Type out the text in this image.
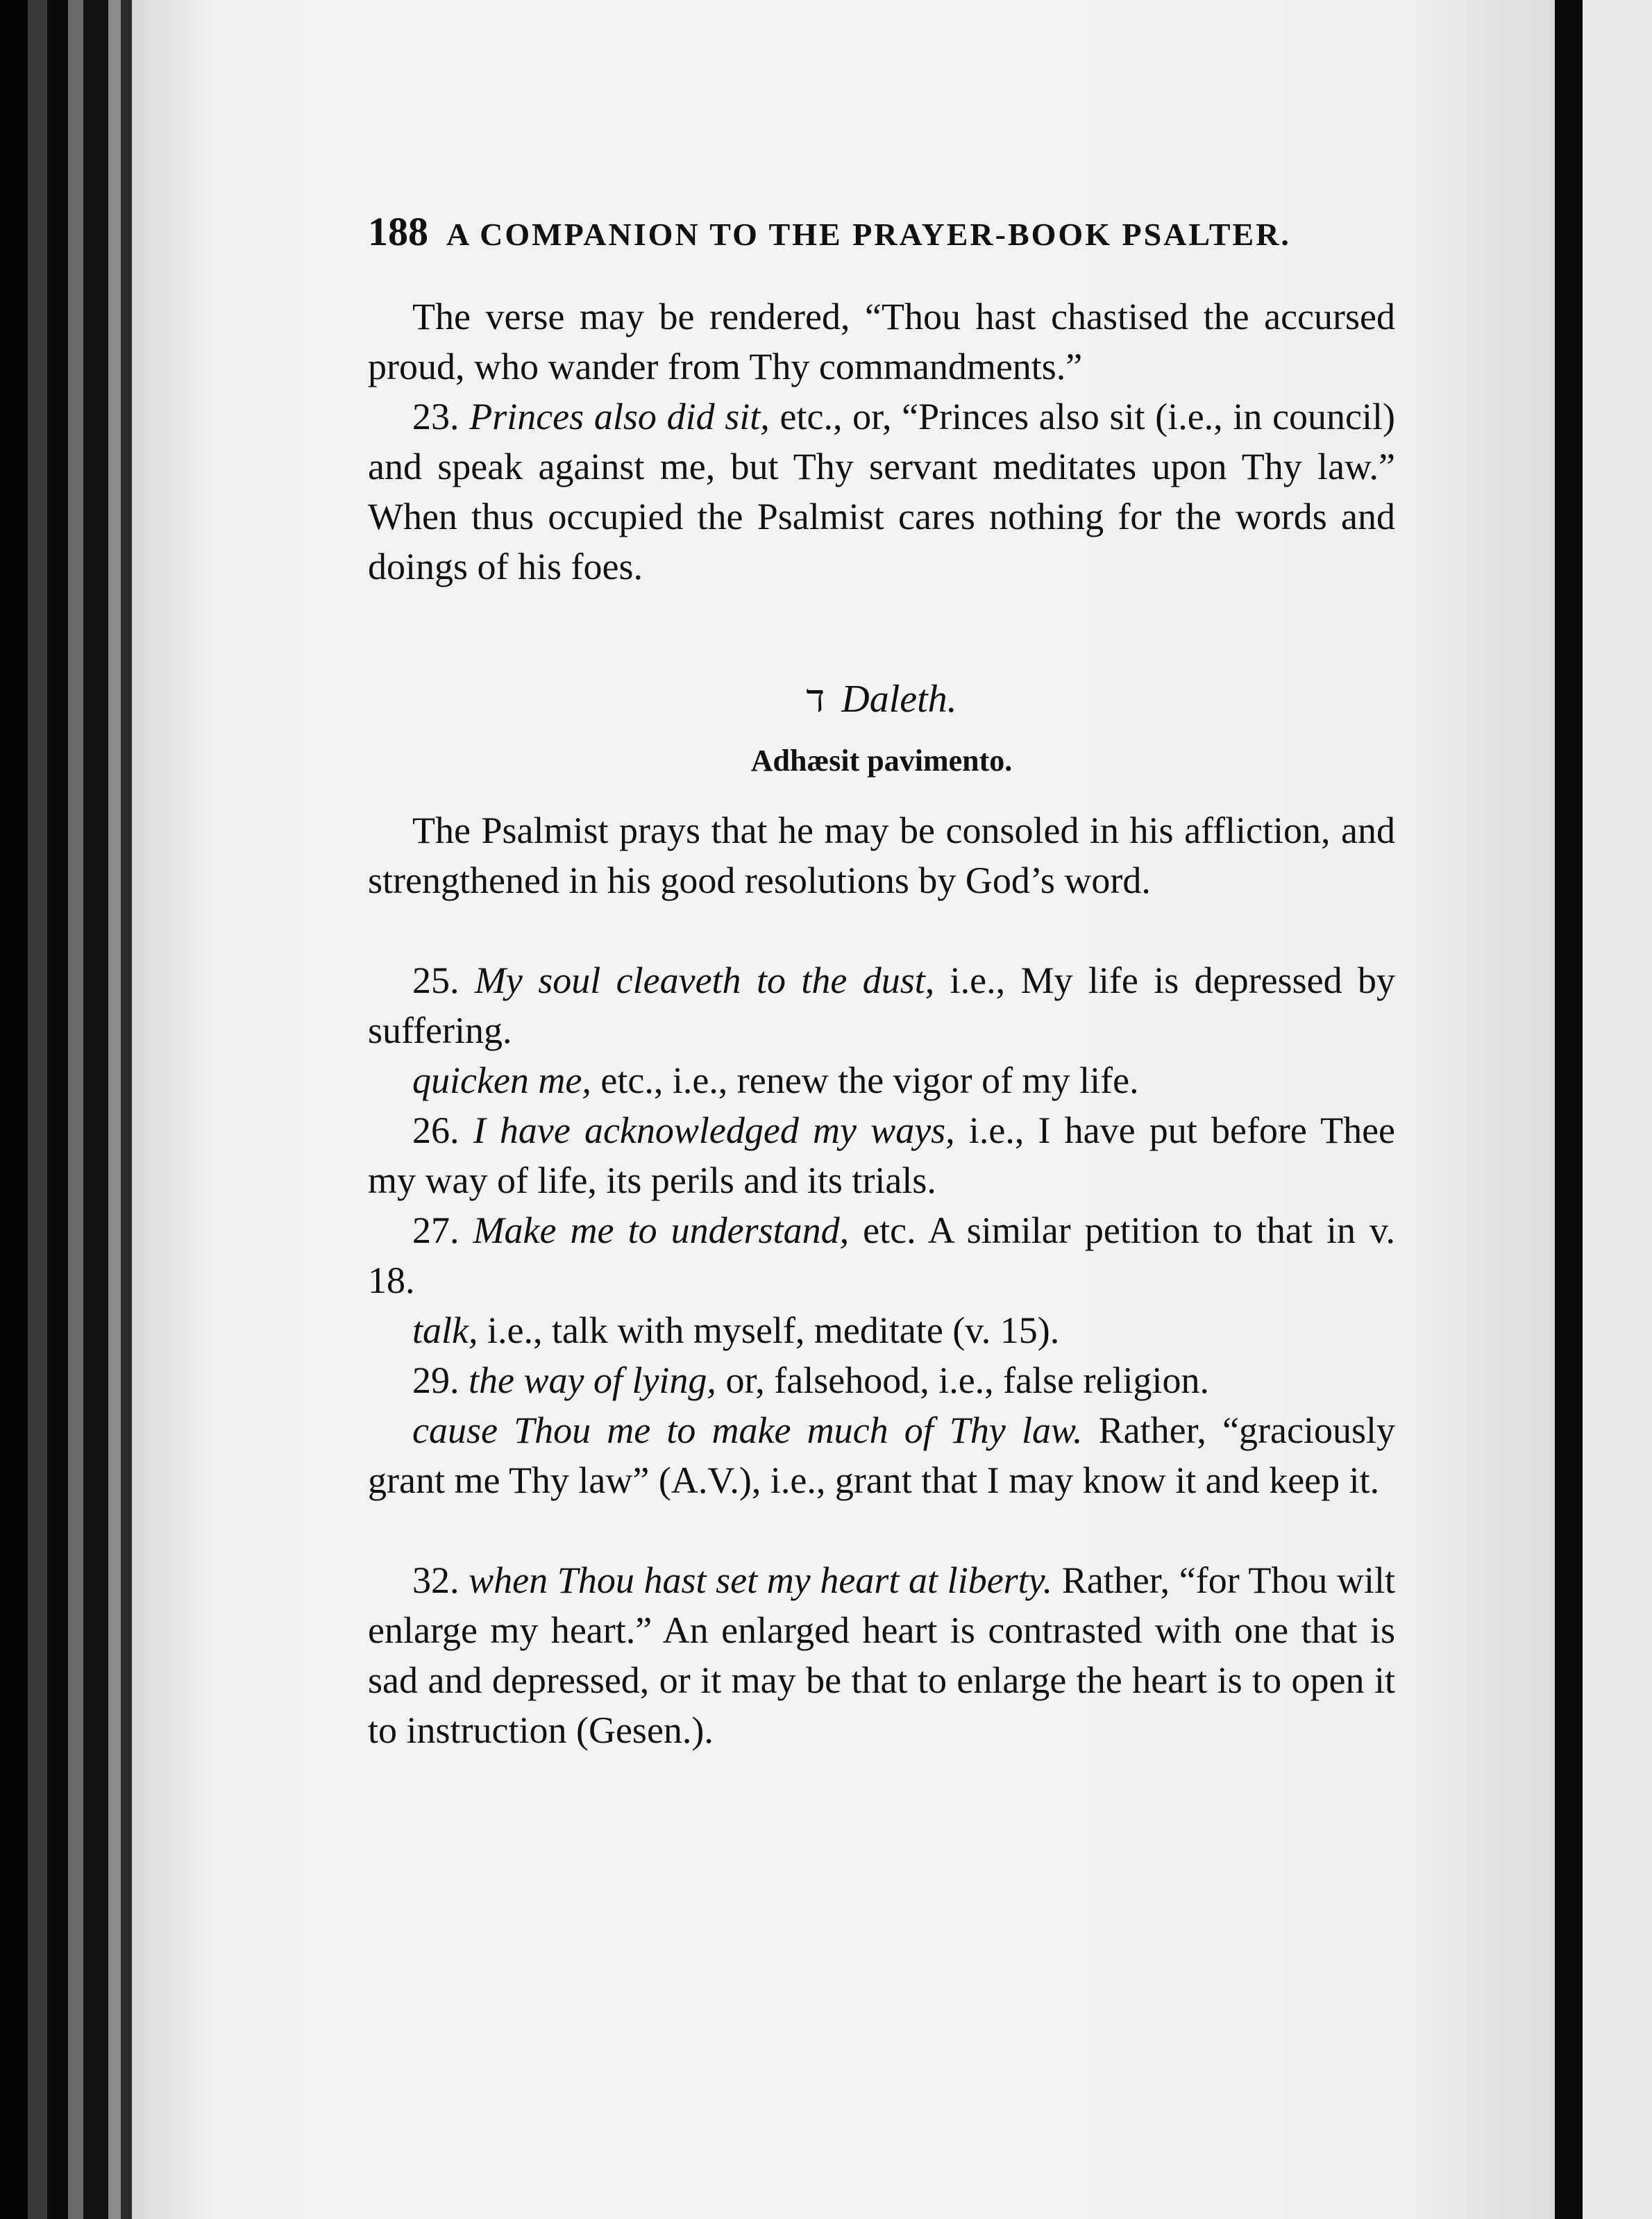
188 A COMPANION TO THE PRAYER-BOOK PSALTER.
The verse may be rendered, “Thou hast chastised the accursed proud, who wander from Thy commandments.”
23. Princes also did sit, etc., or, “Princes also sit (i.e., in council) and speak against me, but Thy servant meditates upon Thy law.” When thus occupied the Psalmist cares nothing for the words and doings of his foes.
ד Daleth.
Adhæsit pavimento.
The Psalmist prays that he may be consoled in his affliction, and strengthened in his good resolutions by God’s word.
25. My soul cleaveth to the dust, i.e., My life is depressed by suffering.
quicken me, etc., i.e., renew the vigor of my life.
26. I have acknowledged my ways, i.e., I have put before Thee my way of life, its perils and its trials.
27. Make me to understand, etc. A similar petition to that in v. 18.
talk, i.e., talk with myself, meditate (v. 15).
29. the way of lying, or, falsehood, i.e., false religion.
cause Thou me to make much of Thy law. Rather, “graciously grant me Thy law” (A.V.), i.e., grant that I may know it and keep it.
32. when Thou hast set my heart at liberty. Rather, “for Thou wilt enlarge my heart.” An enlarged heart is contrasted with one that is sad and depressed, or it may be that to enlarge the heart is to open it to instruction (Gesen.).
